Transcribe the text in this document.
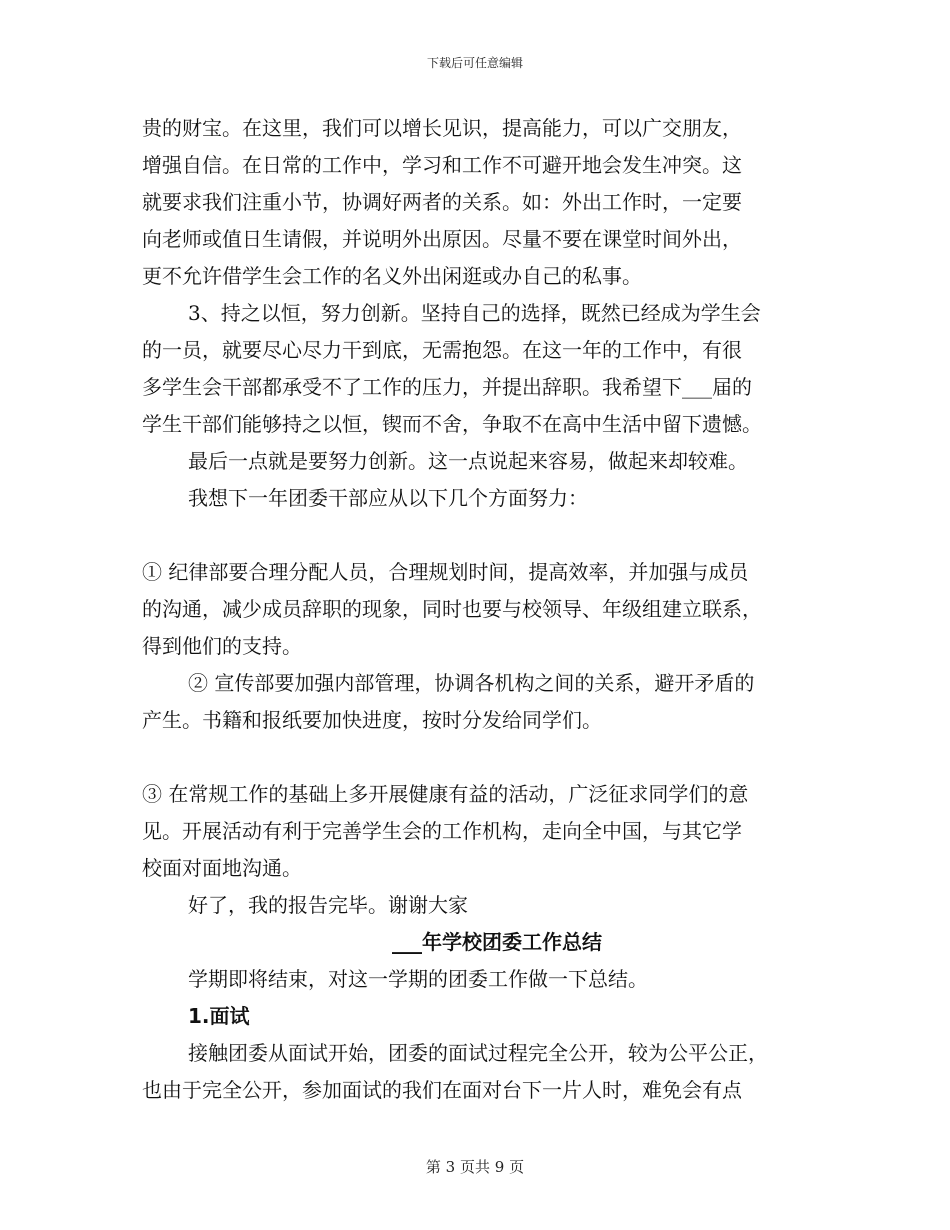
下载后可任意编辑
贵的财宝。在这里，我们可以增长见识，提高能力，可以广交朋友，
增强自信。在日常的工作中，学习和工作不可避开地会发生冲突。这
就要求我们注重小节，协调好两者的关系。如：外出工作时，一定要
向老师或值日生请假，并说明外出原因。尽量不要在课堂时间外出，
更不允许借学生会工作的名义外出闲逛或办自己的私事。
3、持之以恒，努力创新。坚持自己的选择，既然已经成为学生会
的一员，就要尽心尽力干到底，无需抱怨。在这一年的工作中，有很
多学生会干部都承受不了工作的压力，并提出辞职。我希望下___届的
学生干部们能够持之以恒，锲而不舍，争取不在高中生活中留下遗憾。
最后一点就是要努力创新。这一点说起来容易，做起来却较难。
我想下一年团委干部应从以下几个方面努力：
① 纪律部要合理分配人员，合理规划时间，提高效率，并加强与成员
的沟通，减少成员辞职的现象，同时也要与校领导、年级组建立联系，
得到他们的支持。
② 宣传部要加强内部管理，协调各机构之间的关系，避开矛盾的
产生。书籍和报纸要加快进度，按时分发给同学们。
③ 在常规工作的基础上多开展健康有益的活动，广泛征求同学们的意
见。开展活动有利于完善学生会的工作机构，走向全中国，与其它学
校面对面地沟通。
好了，我的报告完毕。谢谢大家
___年学校团委工作总结
学期即将结束，对这一学期的团委工作做一下总结。
1.面试
接触团委从面试开始，团委的面试过程完全公开，较为公平公正，
也由于完全公开，参加面试的我们在面对台下一片人时，难免会有点
第 3 页共 9 页
